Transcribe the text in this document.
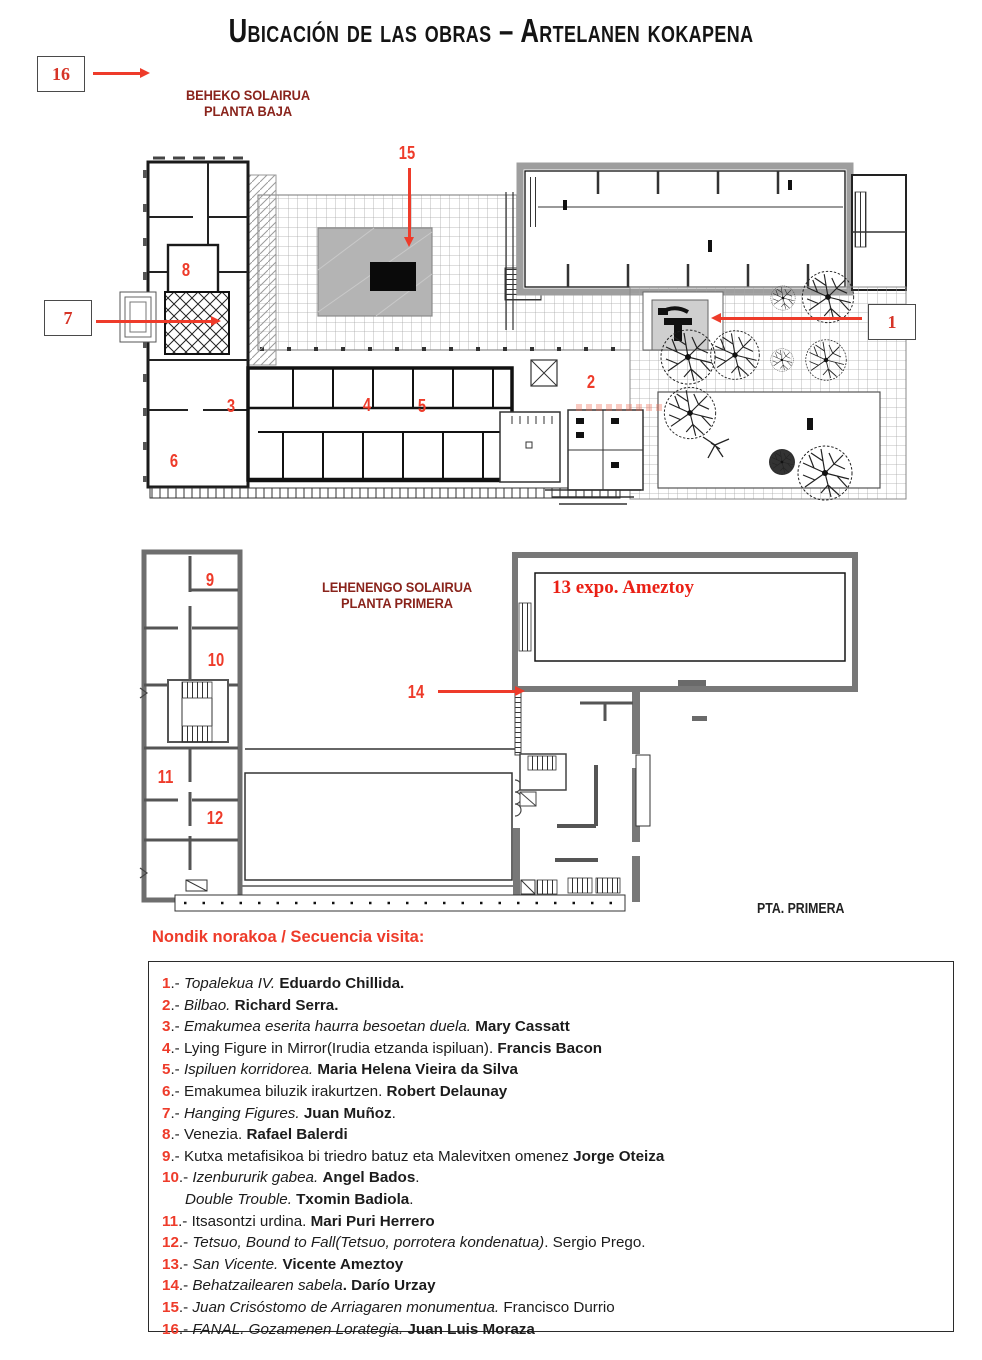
Ubicación de las obras – Artelanen kokapena
16
BEHEKO SOLAIRUA
PLANTA BAJA
15
8
7	1
2
3	4	5
6
LEHENENGO SOLAIRUA
PLANTA PRIMERA
9
10
11
12
14
13 expo. Ameztoy
PTA. PRIMERA
Nondik norakoa / Secuencia visita:
1.- Topalekua IV. Eduardo Chillida.
2.- Bilbao. Richard Serra.
3.- Emakumea eserita haurra besoetan duela. Mary Cassatt
4.- Lying Figure in Mirror(Irudia etzanda ispiluan). Francis Bacon
5.- Ispiluen korridorea. Maria Helena Vieira da Silva
6.- Emakumea biluzik irakurtzen. Robert Delaunay
7.- Hanging Figures. Juan Muñoz.
8.- Venezia. Rafael Balerdi
9.- Kutxa metafisikoa bi triedro batuz eta Malevitxen omenez Jorge Oteiza
10.- Izenbururik gabea. Angel Bados.
Double Trouble. Txomin Badiola.
11.- Itsasontzi urdina. Mari Puri Herrero
12.- Tetsuo, Bound to Fall(Tetsuo, porrotera kondenatua). Sergio Prego.
13.- San Vicente. Vicente Ameztoy
14.- Behatzailearen sabela. Darío Urzay
15.- Juan Crisóstomo de Arriagaren monumentua. Francisco Durrio
16.- FANAL. Gozamenen Lorategia. Juan Luis Moraza
